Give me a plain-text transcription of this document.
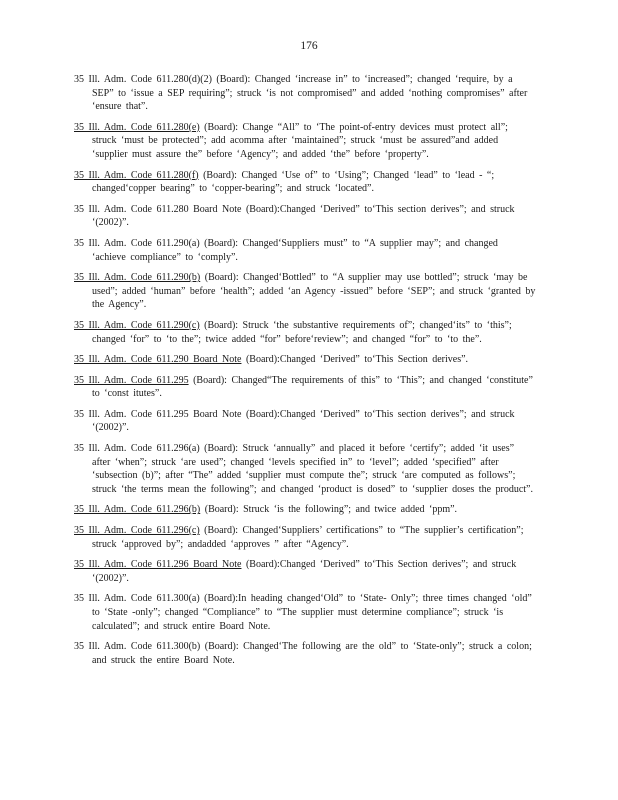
176

35 Ill. Adm. Code 611.280(d)(2) (Board): Changed ‘increase in” to ‘increased”; changed ‘require, by a SEP” to ‘issue a SEP requiring”; struck ‘is not compromised” and added ‘nothing compromises” after ‘ensure that”.

35 Ill. Adm. Code 611.280(e) (Board): Change “All” to ‘The point-of-entry devices must protect all”; struck ‘must be protected”; add acomma after ‘maintained”; struck ‘must be assured”and added ‘supplier must assure the” before ‘Agency”; and added ‘the” before ‘property”.

35 Ill. Adm. Code 611.280(f) (Board): Changed ‘Use of” to ‘Using”; Changed ‘lead” to ‘lead - “; changed‘copper bearing” to ‘copper-bearing”; and struck ‘located”.

35 Ill. Adm. Code 611.280 Board Note (Board):Changed ‘Derived” to‘This section derives”; and struck ‘(2002)”.

35 Ill. Adm. Code 611.290(a) (Board): Changed‘Suppliers must” to “A supplier may”; and changed ‘achieve compliance” to ‘comply”.

35 Ill. Adm. Code 611.290(b) (Board): Changed‘Bottled” to “A supplier may use bottled”; struck ‘may be used”; added ‘human” before ‘health”; added ‘an Agency -issued” before ‘SEP”; and struck ‘granted by the Agency”.

35 Ill. Adm. Code 611.290(c) (Board): Struck ‘the substantive requirements of”; changed‘its” to ‘this”; changed ‘for” to ‘to the”; twice added “for” before‘review”; and changed “for” to ‘to the”.

35 Ill. Adm. Code 611.290 Board Note (Board):Changed ‘Derived” to‘This Section derives”.

35 Ill. Adm. Code 611.295 (Board): Changed“The requirements of this” to ‘This”; and changed ‘constitute” to ‘const itutes”.

35 Ill. Adm. Code 611.295 Board Note (Board):Changed ‘Derived” to‘This section derives”; and struck ‘(2002)”.

35 Ill. Adm. Code 611.296(a) (Board): Struck ‘annually” and placed it before ‘certify”; added ‘it uses” after ‘when”; struck ‘are used”; changed ‘levels specified in” to ‘level”; added ‘specified” after ‘subsection (b)”; after “The” added ‘supplier must compute the”; struck ‘are computed as follows”; struck ‘the terms mean the following”; and changed ‘product is dosed” to ‘supplier doses the product”.

35 Ill. Adm. Code 611.296(b) (Board): Struck ‘is the following”; and twice added ‘ppm”.

35 Ill. Adm. Code 611.296(c) (Board): Changed‘Suppliers’ certifications” to “The supplier’s certification”; struck ‘approved by”; andadded ‘approves ” after “Agency”.

35 Ill. Adm. Code 611.296 Board Note (Board):Changed ‘Derived” to‘This Section derives”; and struck ‘(2002)”.

35 Ill. Adm. Code 611.300(a) (Board):In heading changed‘Old” to ‘State- Only”; three times changed ‘old” to ‘State -only”; changed “Compliance” to “The supplier must determine compliance”; struck ‘is calculated”; and struck entire Board Note.

35 Ill. Adm. Code 611.300(b) (Board): Changed‘The following are the old” to ‘State-only”; struck a colon; and struck the entire Board Note.
